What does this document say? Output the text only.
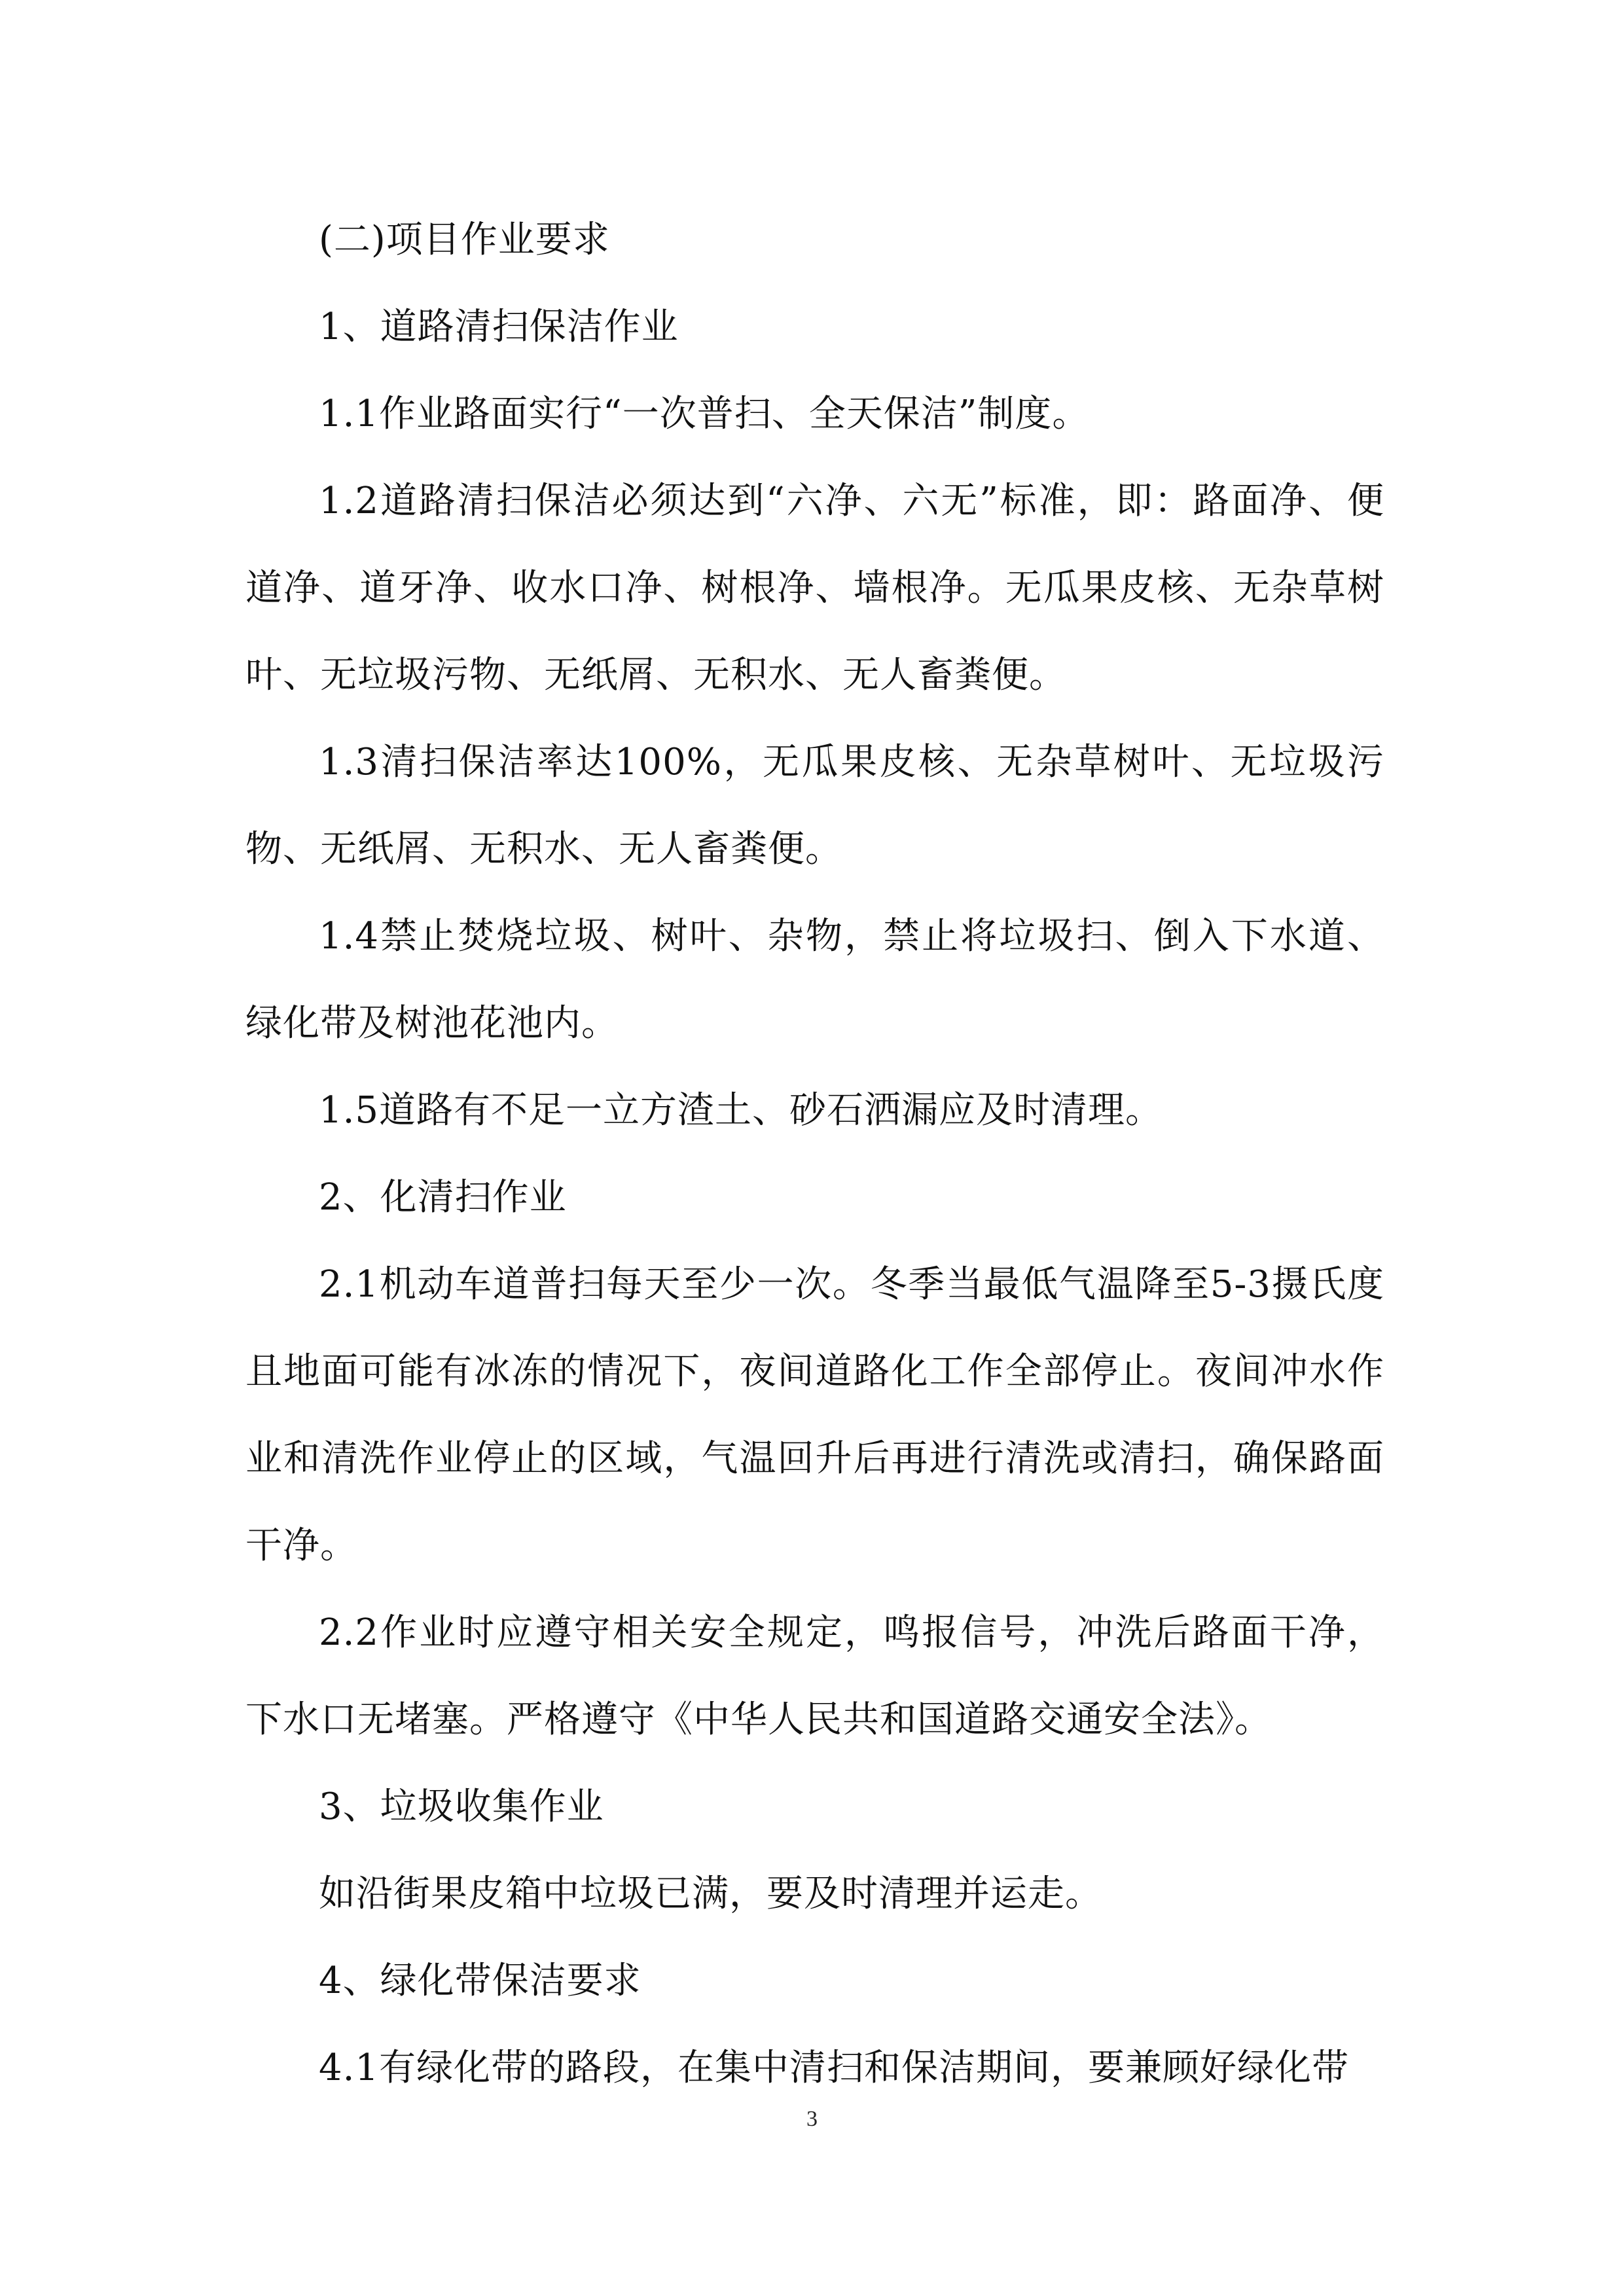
(二)项目作业要求

1、道路清扫保洁作业

1.1作业路面实行“一次普扫、全天保洁”制度。

1.2道路清扫保洁必须达到“六净、六无”标准，即：路面净、便道净、道牙净、收水口净、树根净、墙根净。无瓜果皮核、无杂草树叶、无垃圾污物、无纸屑、无积水、无人畜粪便。

1.3清扫保洁率达100%，无瓜果皮核、无杂草树叶、无垃圾污物、无纸屑、无积水、无人畜粪便。

1.4禁止焚烧垃圾、树叶、杂物，禁止将垃圾扫、倒入下水道、绿化带及树池花池内。

1.5道路有不足一立方渣土、砂石洒漏应及时清理。

2、化清扫作业

2.1机动车道普扫每天至少一次。冬季当最低气温降至5-3摄氏度且地面可能有冰冻的情况下，夜间道路化工作全部停止。夜间冲水作业和清洗作业停止的区域，气温回升后再进行清洗或清扫，确保路面干净。

2.2作业时应遵守相关安全规定，鸣报信号，冲洗后路面干净，下水口无堵塞。严格遵守《中华人民共和国道路交通安全法》。

3、垃圾收集作业

如沿街果皮箱中垃圾已满，要及时清理并运走。

4、绿化带保洁要求

4.1有绿化带的路段，在集中清扫和保洁期间，要兼顾好绿化带

3
